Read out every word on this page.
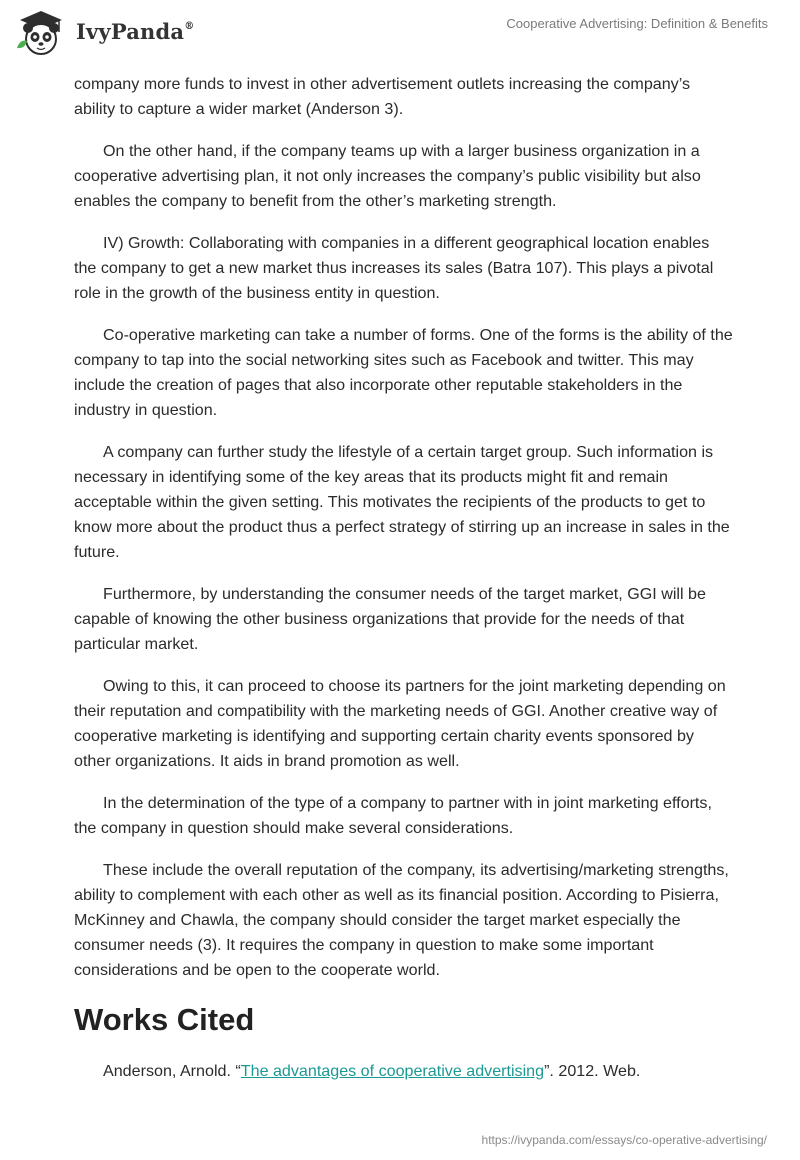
IvyPanda®	Cooperative Advertising: Definition & Benefits

company more funds to invest in other advertisement outlets increasing the company’s ability to capture a wider market (Anderson 3).

On the other hand, if the company teams up with a larger business organization in a cooperative advertising plan, it not only increases the company’s public visibility but also enables the company to benefit from the other’s marketing strength.

IV) Growth: Collaborating with companies in a different geographical location enables the company to get a new market thus increases its sales (Batra 107). This plays a pivotal role in the growth of the business entity in question.

Co-operative marketing can take a number of forms. One of the forms is the ability of the company to tap into the social networking sites such as Facebook and twitter. This may include the creation of pages that also incorporate other reputable stakeholders in the industry in question.

A company can further study the lifestyle of a certain target group. Such information is necessary in identifying some of the key areas that its products might fit and remain acceptable within the given setting. This motivates the recipients of the products to get to know more about the product thus a perfect strategy of stirring up an increase in sales in the future.

Furthermore, by understanding the consumer needs of the target market, GGI will be capable of knowing the other business organizations that provide for the needs of that particular market.

Owing to this, it can proceed to choose its partners for the joint marketing depending on their reputation and compatibility with the marketing needs of GGI. Another creative way of cooperative marketing is identifying and supporting certain charity events sponsored by other organizations. It aids in brand promotion as well.

In the determination of the type of a company to partner with in joint marketing efforts, the company in question should make several considerations.

These include the overall reputation of the company, its advertising/marketing strengths, ability to complement with each other as well as its financial position. According to Pisierra, McKinney and Chawla, the company should consider the target market especially the consumer needs (3). It requires the company in question to make some important considerations and be open to the cooperate world.

Works Cited

Anderson, Arnold. “The advantages of cooperative advertising”. 2012. Web.

https://ivypanda.com/essays/co-operative-advertising/
